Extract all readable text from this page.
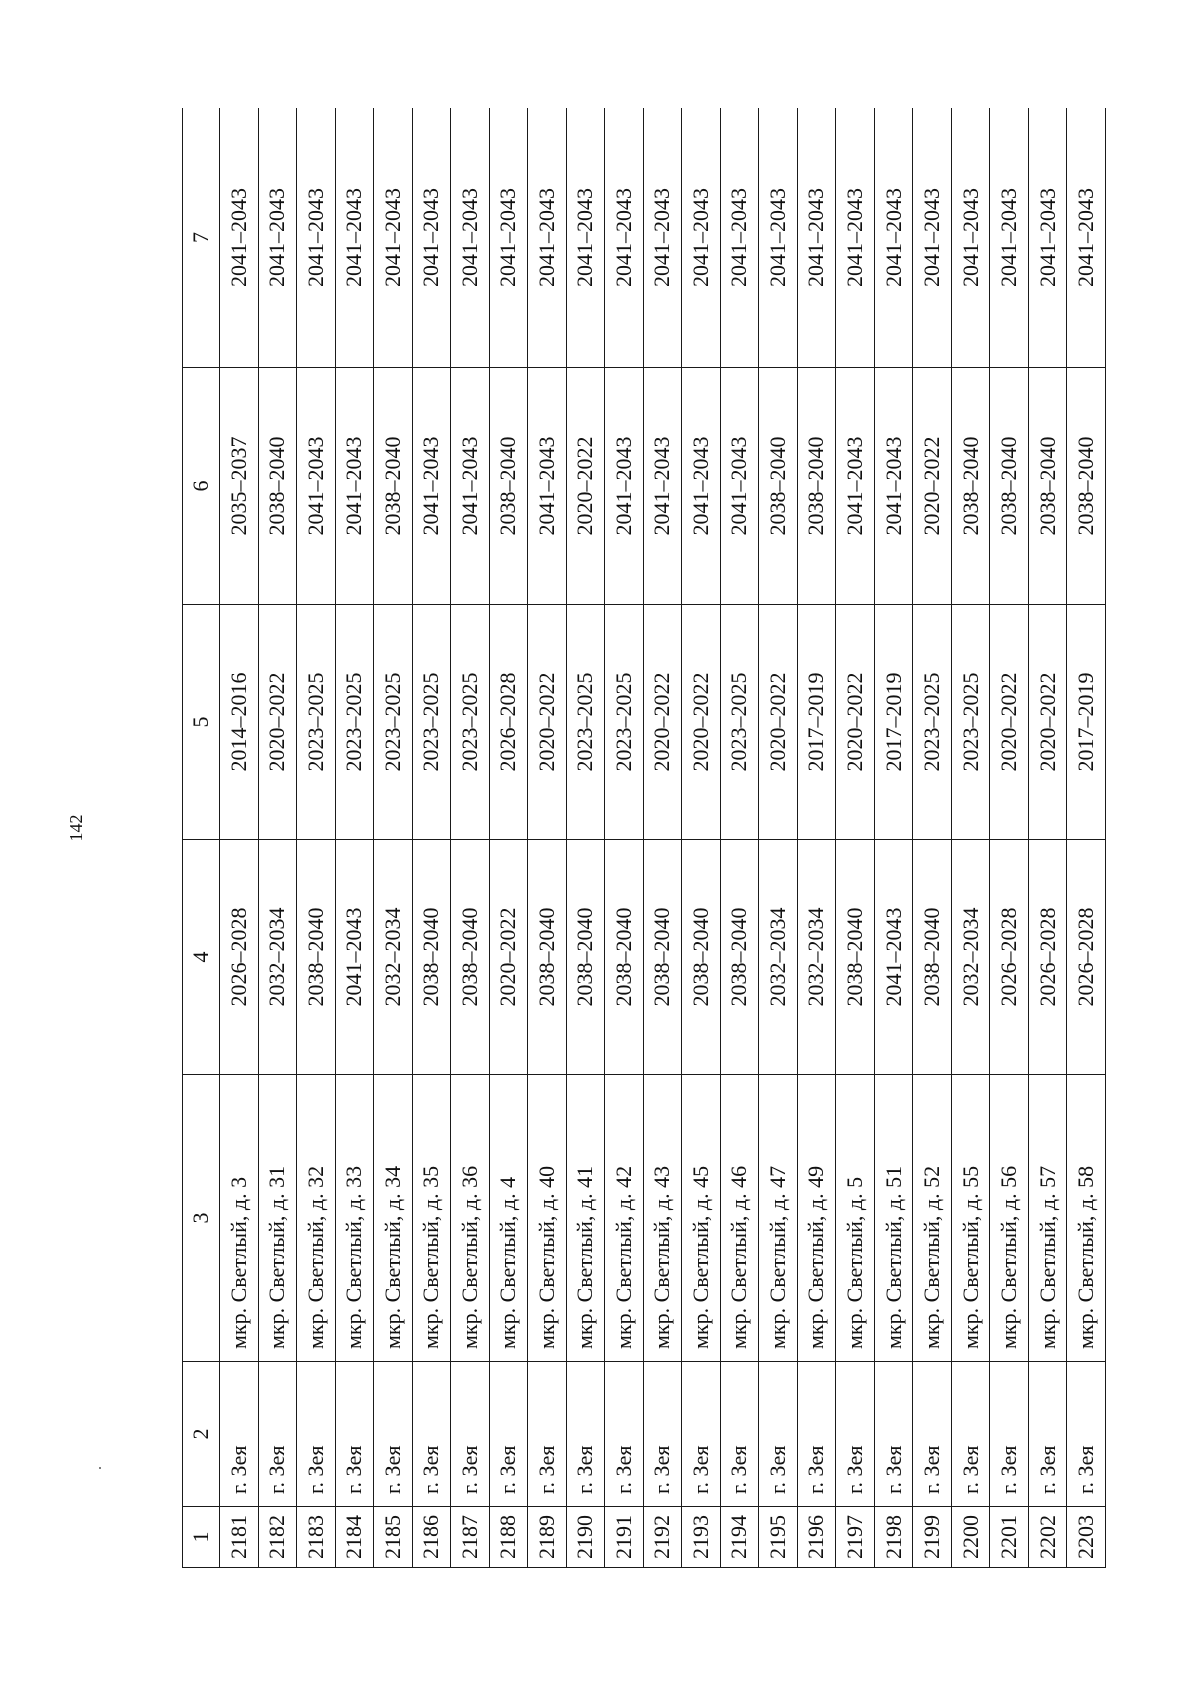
142
1	2	3	4	5	6	7
2181	г. Зея	мкр. Светлый, д. 3	2026–2028	2014–2016	2035–2037	2041–2043
2182	г. Зея	мкр. Светлый, д. 31	2032–2034	2020–2022	2038–2040	2041–2043
2183	г. Зея	мкр. Светлый, д. 32	2038–2040	2023–2025	2041–2043	2041–2043
2184	г. Зея	мкр. Светлый, д. 33	2041–2043	2023–2025	2041–2043	2041–2043
2185	г. Зея	мкр. Светлый, д. 34	2032–2034	2023–2025	2038–2040	2041–2043
2186	г. Зея	мкр. Светлый, д. 35	2038–2040	2023–2025	2041–2043	2041–2043
2187	г. Зея	мкр. Светлый, д. 36	2038–2040	2023–2025	2041–2043	2041–2043
2188	г. Зея	мкр. Светлый, д. 4	2020–2022	2026–2028	2038–2040	2041–2043
2189	г. Зея	мкр. Светлый, д. 40	2038–2040	2020–2022	2041–2043	2041–2043
2190	г. Зея	мкр. Светлый, д. 41	2038–2040	2023–2025	2020–2022	2041–2043
2191	г. Зея	мкр. Светлый, д. 42	2038–2040	2023–2025	2041–2043	2041–2043
2192	г. Зея	мкр. Светлый, д. 43	2038–2040	2020–2022	2041–2043	2041–2043
2193	г. Зея	мкр. Светлый, д. 45	2038–2040	2020–2022	2041–2043	2041–2043
2194	г. Зея	мкр. Светлый, д. 46	2038–2040	2023–2025	2041–2043	2041–2043
2195	г. Зея	мкр. Светлый, д. 47	2032–2034	2020–2022	2038–2040	2041–2043
2196	г. Зея	мкр. Светлый, д. 49	2032–2034	2017–2019	2038–2040	2041–2043
2197	г. Зея	мкр. Светлый, д. 5	2038–2040	2020–2022	2041–2043	2041–2043
2198	г. Зея	мкр. Светлый, д. 51	2041–2043	2017–2019	2041–2043	2041–2043
2199	г. Зея	мкр. Светлый, д. 52	2038–2040	2023–2025	2020–2022	2041–2043
2200	г. Зея	мкр. Светлый, д. 55	2032–2034	2023–2025	2038–2040	2041–2043
2201	г. Зея	мкр. Светлый, д. 56	2026–2028	2020–2022	2038–2040	2041–2043
2202	г. Зея	мкр. Светлый, д. 57	2026–2028	2020–2022	2038–2040	2041–2043
2203	г. Зея	мкр. Светлый, д. 58	2026–2028	2017–2019	2038–2040	2041–2043
